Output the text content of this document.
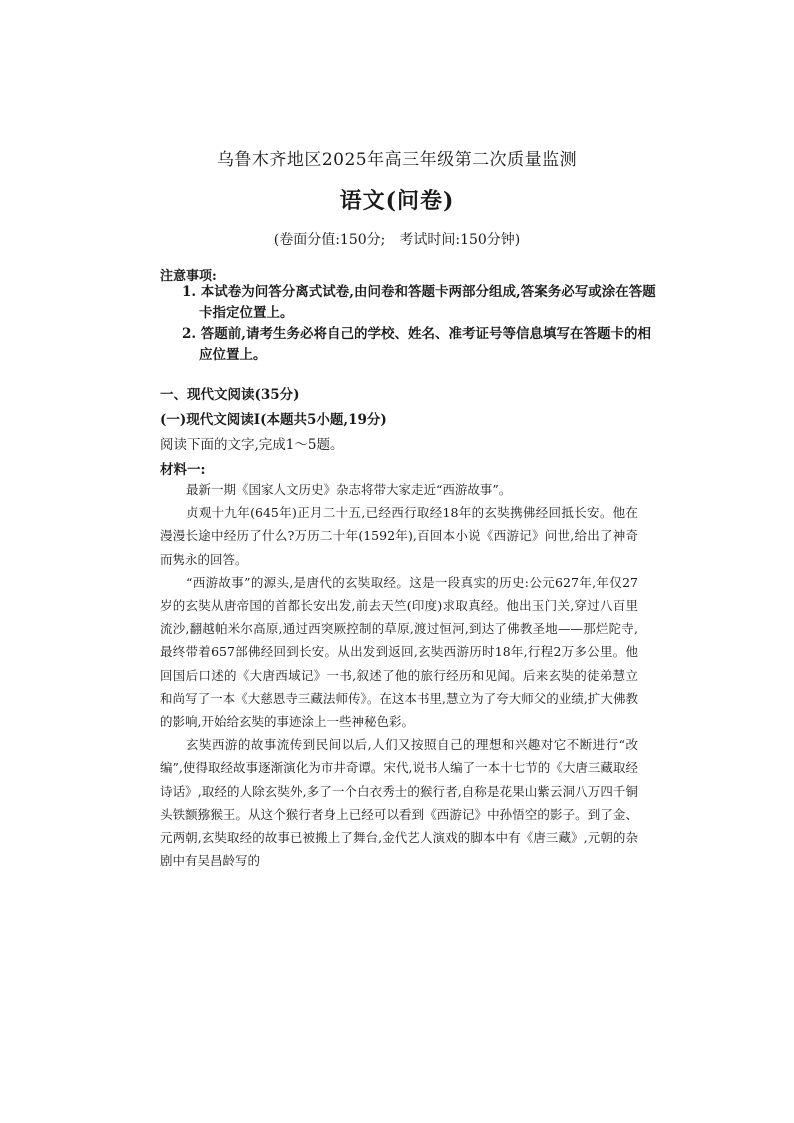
乌鲁木齐地区2025年高三年级第二次质量监测
语文(问卷)
(卷面分值:150分;　考试时间:150分钟)
注意事项:
1. 本试卷为问答分离式试卷,由问卷和答题卡两部分组成,答案务必写或涂在答题卡指定位置上。
2. 答题前,请考生务必将自己的学校、姓名、准考证号等信息填写在答题卡的相应位置上。
一、现代文阅读(35分)
(一)现代文阅读Ⅰ(本题共5小题,19分)
阅读下面的文字,完成1～5题。
材料一:

最新一期《国家人文历史》杂志将带大家走近“西游故事”。

贞观十九年(645年)正月二十五,已经西行取经18年的玄奘携佛经回抵长安。他在漫漫长途中经历了什么?万历二十年(1592年),百回本小说《西游记》问世,给出了神奇而隽永的回答。

“西游故事”的源头,是唐代的玄奘取经。这是一段真实的历史:公元627年,年仅27岁的玄奘从唐帝国的首都长安出发,前去天竺(印度)求取真经。他出玉门关,穿过八百里流沙,翻越帕米尔高原,通过西突厥控制的草原,渡过恒河,到达了佛教圣地——那烂陀寺,最终带着657部佛经回到长安。从出发到返回,玄奘西游历时18年,行程2万多公里。他回国后口述的《大唐西域记》一书,叙述了他的旅行经历和见闻。后来玄奘的徒弟慧立和尚写了一本《大慈恩寺三藏法师传》。在这本书里,慧立为了夸大师父的业绩,扩大佛教的影响,开始给玄奘的事迹涂上一些神秘色彩。

玄奘西游的故事流传到民间以后,人们又按照自己的理想和兴趣对它不断进行“改编”,使得取经故事逐渐演化为市井奇谭。宋代,说书人编了一本十七节的《大唐三藏取经诗话》,取经的人除玄奘外,多了一个白衣秀士的猴行者,自称是花果山紫云洞八万四千铜头铁额猕猴王。从这个猴行者身上已经可以看到《西游记》中孙悟空的影子。到了金、元两朝,玄奘取经的故事已被搬上了舞台,金代艺人演戏的脚本中有《唐三藏》,元朝的杂剧中有吴昌龄写的
